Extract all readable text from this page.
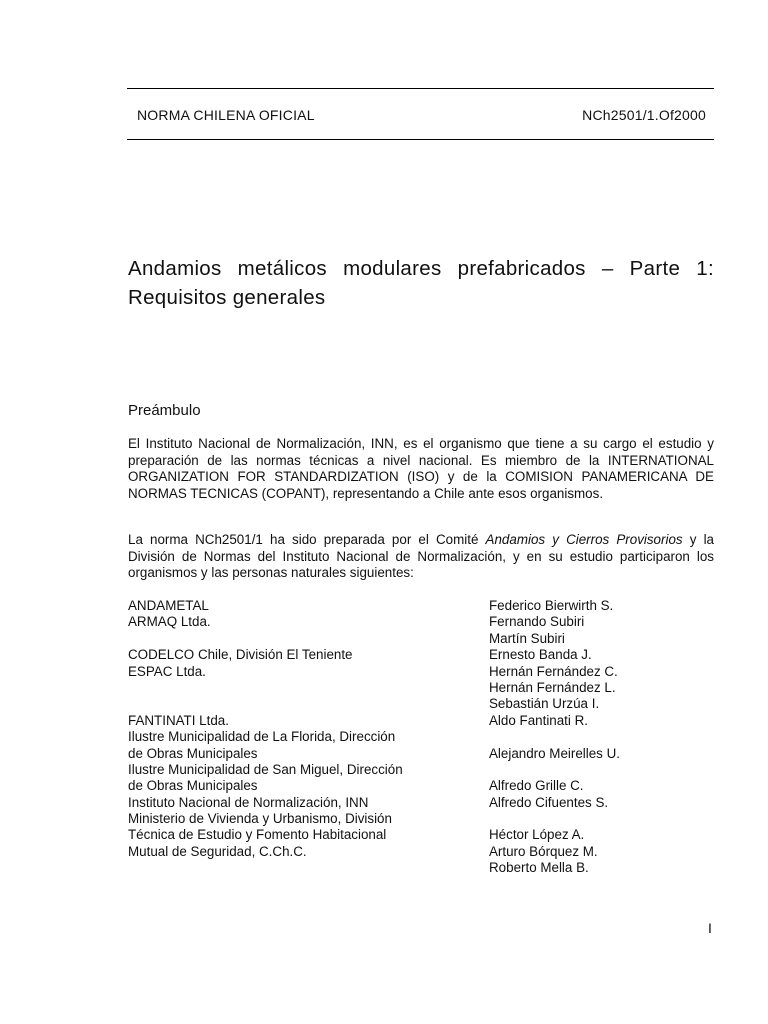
NORMA CHILENA OFICIAL	NCh2501/1.Of2000
Andamios metálicos modulares prefabricados – Parte 1: Requisitos generales
Preámbulo

El Instituto Nacional de Normalización, INN, es el organismo que tiene a su cargo el estudio y preparación de las normas técnicas a nivel nacional. Es miembro de la INTERNATIONAL ORGANIZATION FOR STANDARDIZATION (ISO) y de la COMISION PANAMERICANA DE NORMAS TECNICAS (COPANT), representando a Chile ante esos organismos.

La norma NCh2501/1 ha sido preparada por el Comité Andamios y Cierros Provisorios y la División de Normas del Instituto Nacional de Normalización, y en su estudio participaron los organismos y las personas naturales siguientes:

ANDAMETAL
ARMAQ Ltda.
CODELCO Chile, División El Teniente
ESPAC Ltda.
FANTINATI Ltda.
Ilustre Municipalidad de La Florida, Dirección
de Obras Municipales
Ilustre Municipalidad de San Miguel, Dirección
de Obras Municipales
Instituto Nacional de Normalización, INN
Ministerio de Vivienda y Urbanismo, División
Técnica de Estudio y Fomento Habitacional
Mutual de Seguridad, C.Ch.C.
Federico Bierwirth S.
Fernando Subiri
Martín Subiri
Ernesto Banda J.
Hernán Fernández C.
Hernán Fernández L.
Sebastián Urzúa I.
Aldo Fantinati R.
Alejandro Meirelles U.
Alfredo Grille C.
Alfredo Cifuentes S.
Héctor López A.
Arturo Bórquez M.
Roberto Mella B.
I
